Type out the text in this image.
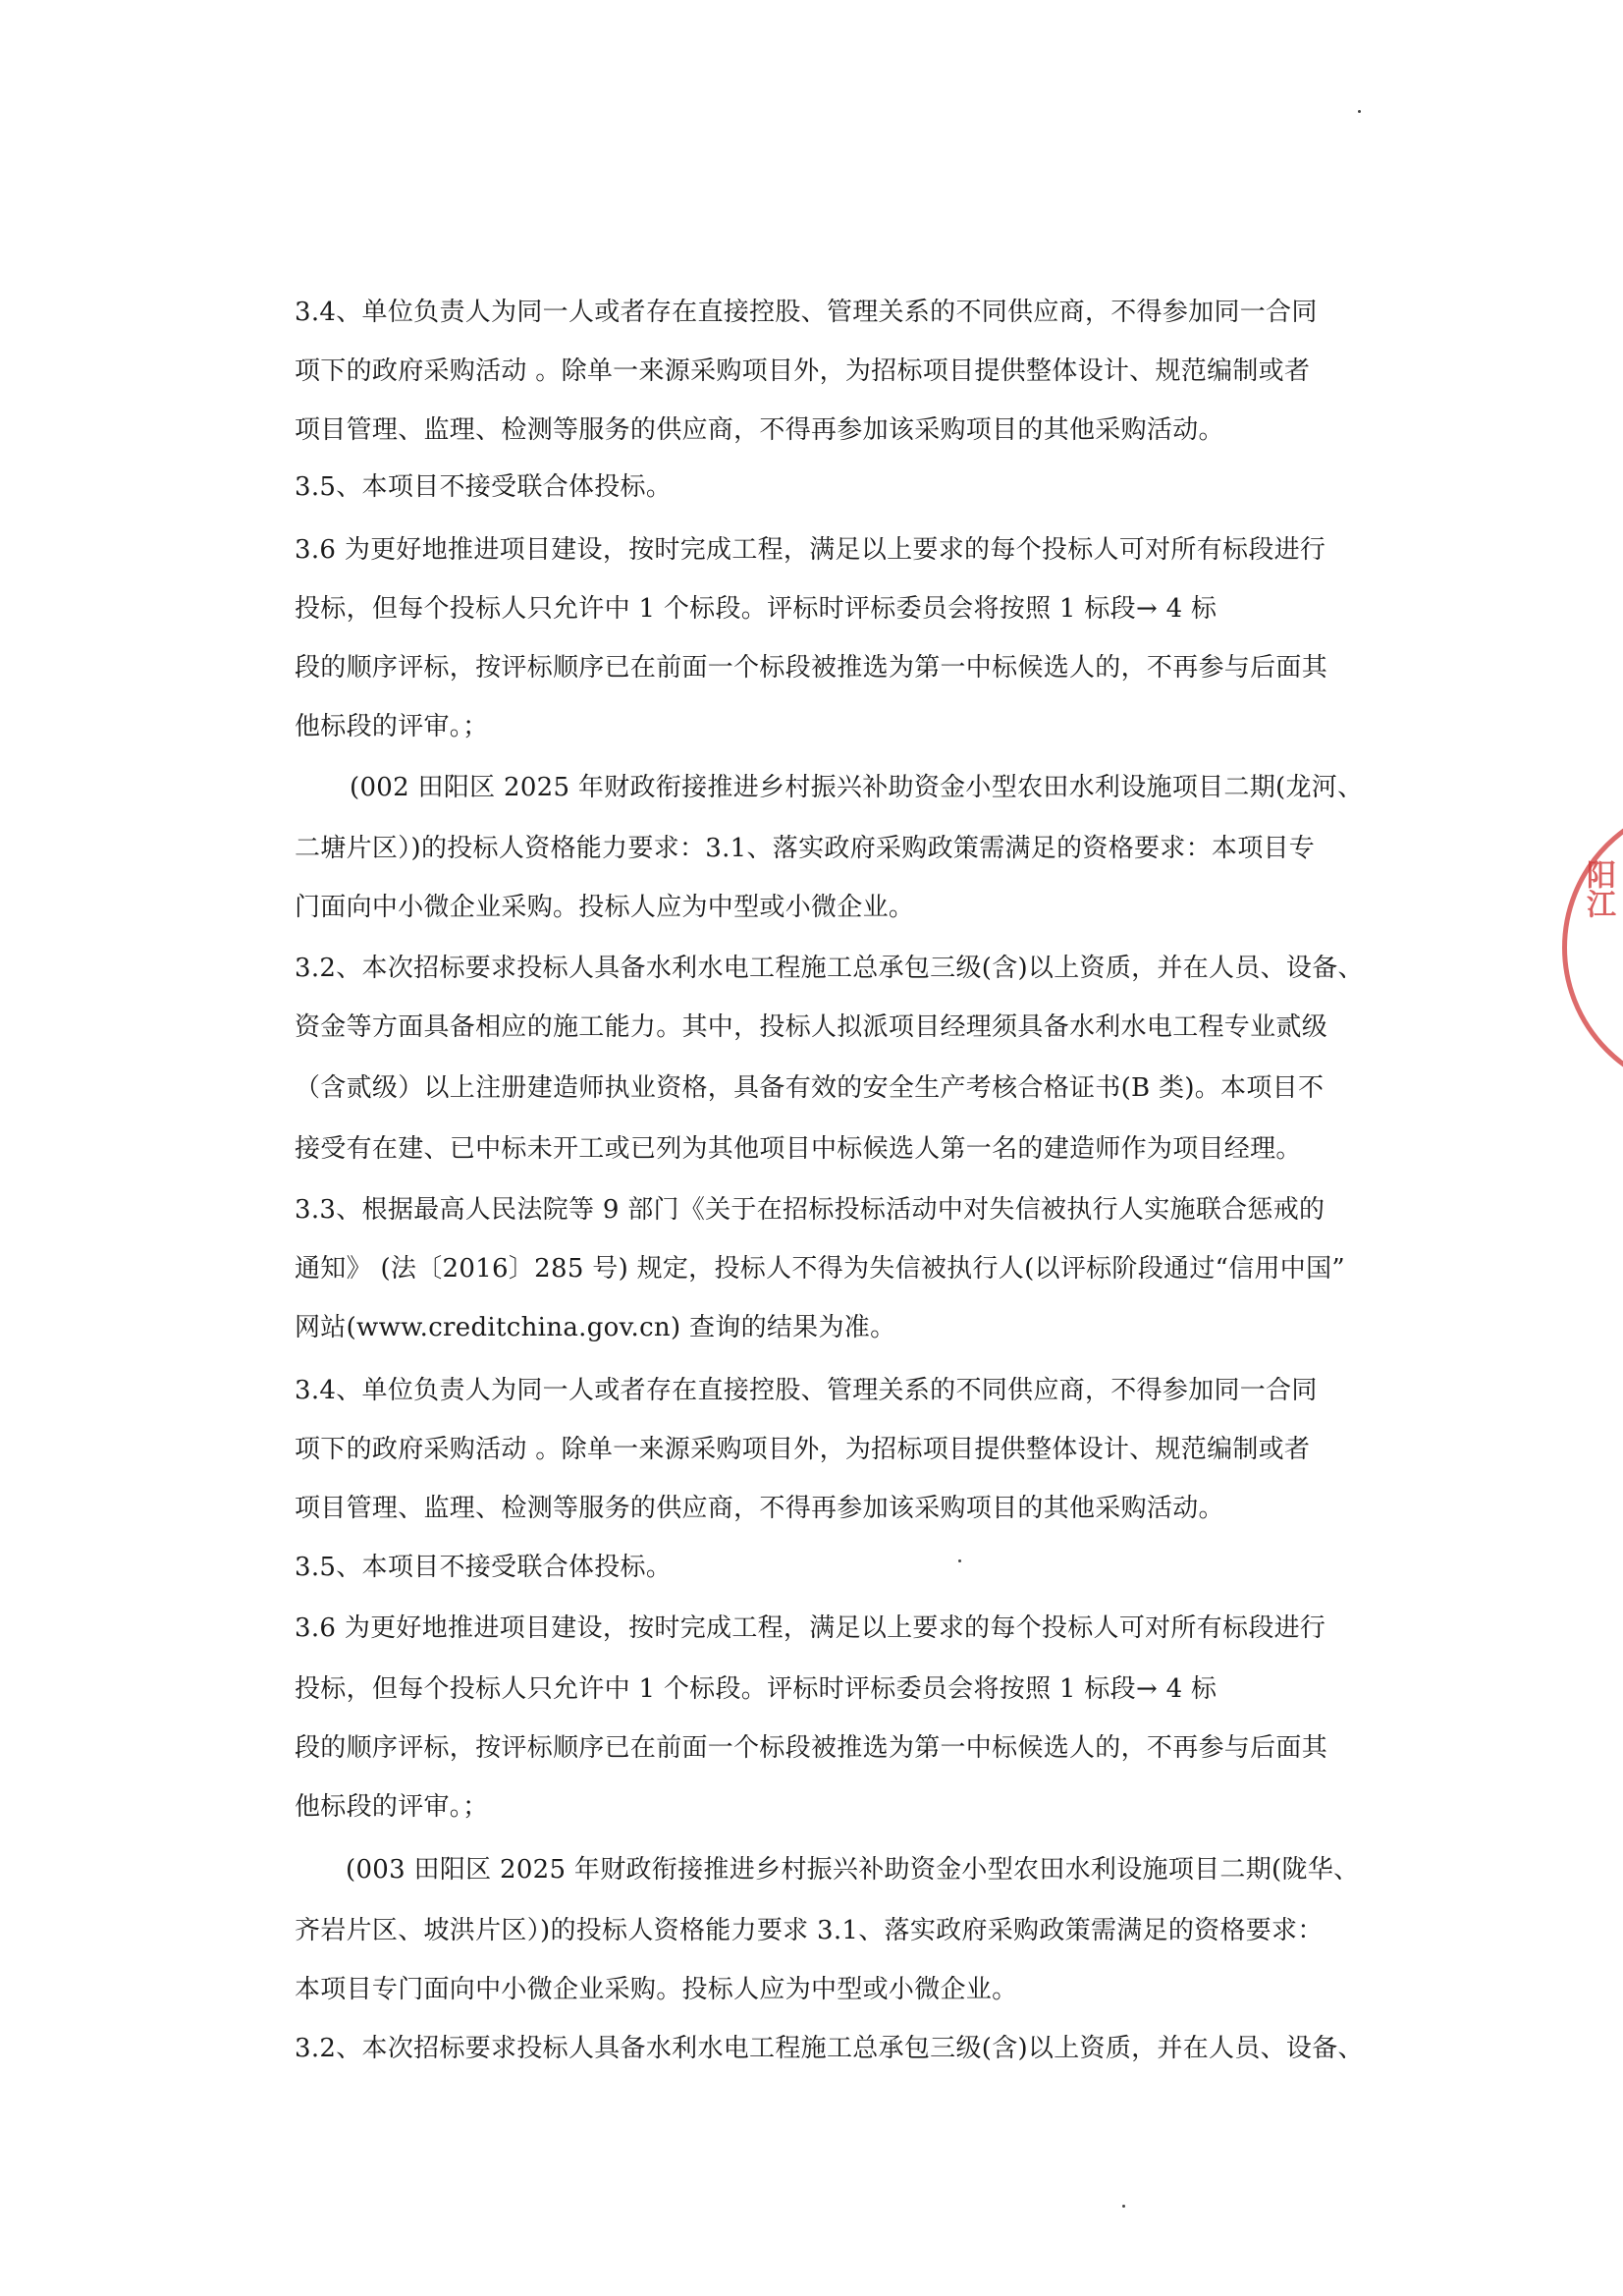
3.4、单位负责人为同一人或者存在直接控股、管理关系的不同供应商，不得参加同一合同
项下的政府采购活动 。除单一来源采购项目外，为招标项目提供整体设计、规范编制或者
项目管理、监理、检测等服务的供应商，不得再参加该采购项目的其他采购活动。
3.5、本项目不接受联合体投标。
3.6 为更好地推进项目建设，按时完成工程，满足以上要求的每个投标人可对所有标段进行
投标，但每个投标人只允许中 1 个标段。评标时评标委员会将按照 1 标段→ 4 标
段的顺序评标，按评标顺序已在前面一个标段被推选为第一中标候选人的，不再参与后面其
他标段的评审。；
(002 田阳区 2025 年财政衔接推进乡村振兴补助资金小型农田水利设施项目二期(龙河、
二塘片区）)的投标人资格能力要求：3.1、落实政府采购政策需满足的资格要求：本项目专
门面向中小微企业采购。投标人应为中型或小微企业。
3.2、本次招标要求投标人具备水利水电工程施工总承包三级(含)以上资质，并在人员、设备、
资金等方面具备相应的施工能力。其中，投标人拟派项目经理须具备水利水电工程专业贰级
（含贰级）以上注册建造师执业资格，具备有效的安全生产考核合格证书(B 类)。本项目不
接受有在建、已中标未开工或已列为其他项目中标候选人第一名的建造师作为项目经理。
3.3、根据最高人民法院等 9 部门《关于在招标投标活动中对失信被执行人实施联合惩戒的
通知》 (法〔2016〕285 号) 规定，投标人不得为失信被执行人(以评标阶段通过“信用中国”
网站(www.creditchina.gov.cn) 查询的结果为准。
3.4、单位负责人为同一人或者存在直接控股、管理关系的不同供应商，不得参加同一合同
项下的政府采购活动 。除单一来源采购项目外，为招标项目提供整体设计、规范编制或者
项目管理、监理、检测等服务的供应商，不得再参加该采购项目的其他采购活动。
3.5、本项目不接受联合体投标。
3.6 为更好地推进项目建设，按时完成工程，满足以上要求的每个投标人可对所有标段进行
投标，但每个投标人只允许中 1 个标段。评标时评标委员会将按照 1 标段→ 4 标
段的顺序评标，按评标顺序已在前面一个标段被推选为第一中标候选人的，不再参与后面其
他标段的评审。；
(003 田阳区 2025 年财政衔接推进乡村振兴补助资金小型农田水利设施项目二期(陇华、
齐岩片区、坡洪片区）)的投标人资格能力要求 3.1、落实政府采购政策需满足的资格要求：
本项目专门面向中小微企业采购。投标人应为中型或小微企业。
3.2、本次招标要求投标人具备水利水电工程施工总承包三级(含)以上资质，并在人员、设备、
阳江
